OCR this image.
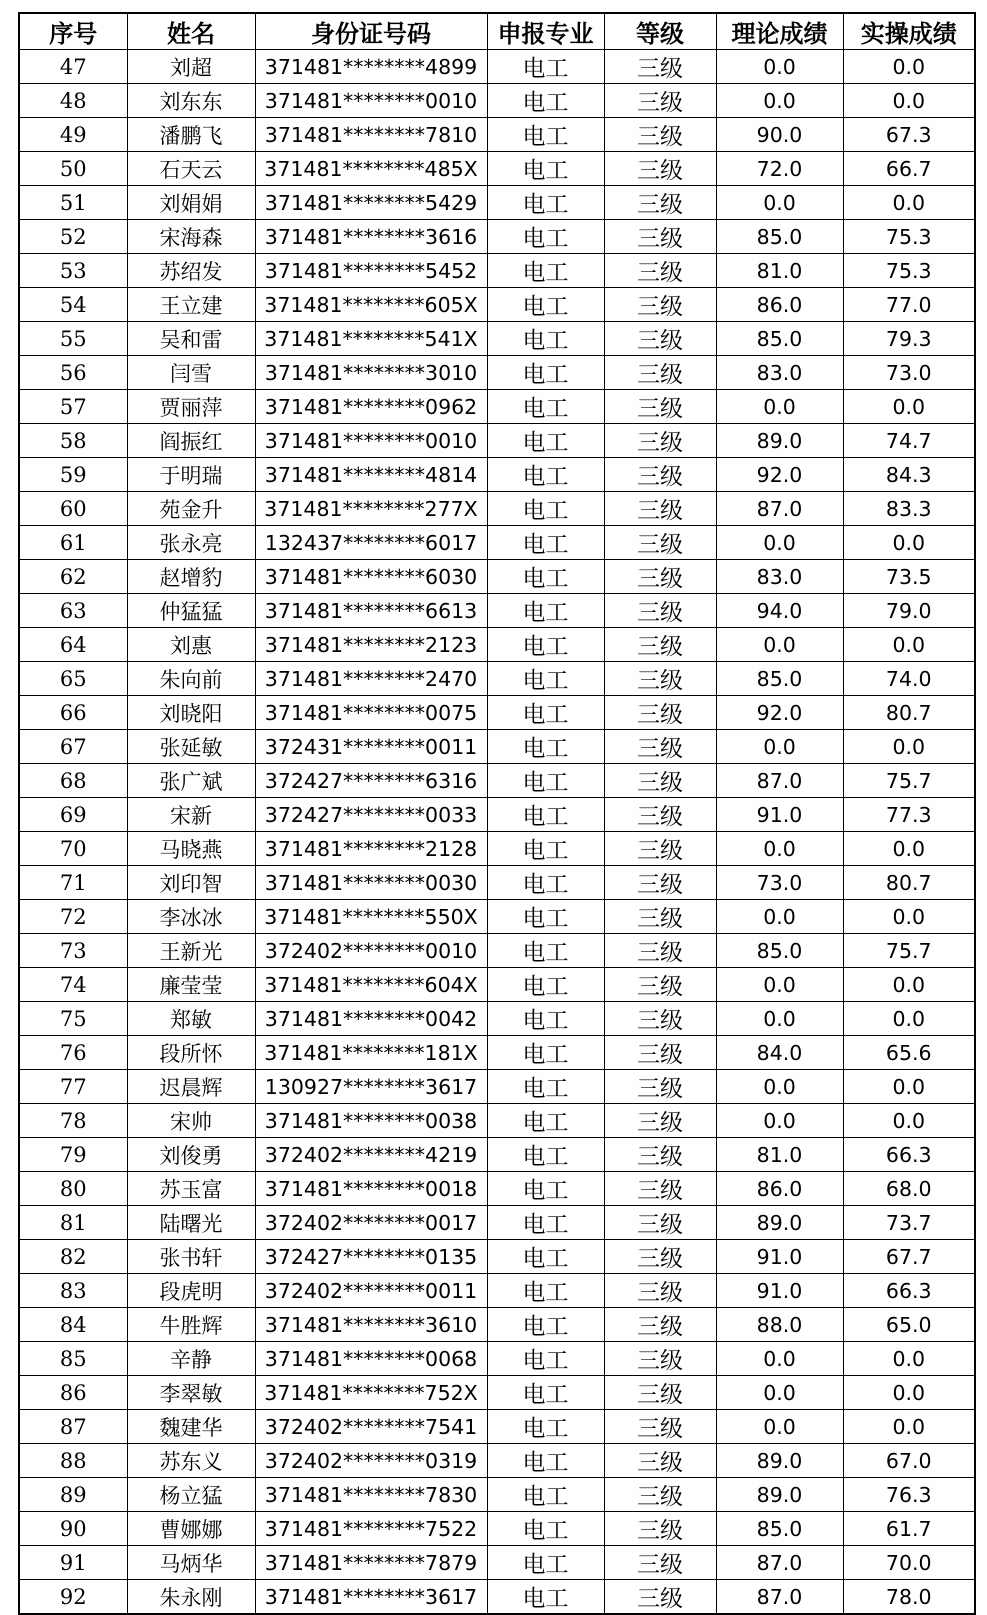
序号	姓名	身份证号码	申报专业	等级	理论成绩	实操成绩
47	刘超	371481********4899	电工	三级	0.0	0.0
48	刘东东	371481********0010	电工	三级	0.0	0.0
49	潘鹏飞	371481********7810	电工	三级	90.0	67.3
50	石天云	371481********485X	电工	三级	72.0	66.7
51	刘娟娟	371481********5429	电工	三级	0.0	0.0
52	宋海森	371481********3616	电工	三级	85.0	75.3
53	苏绍发	371481********5452	电工	三级	81.0	75.3
54	王立建	371481********605X	电工	三级	86.0	77.0
55	吴和雷	371481********541X	电工	三级	85.0	79.3
56	闫雪	371481********3010	电工	三级	83.0	73.0
57	贾丽萍	371481********0962	电工	三级	0.0	0.0
58	阎振红	371481********0010	电工	三级	89.0	74.7
59	于明瑞	371481********4814	电工	三级	92.0	84.3
60	苑金升	371481********277X	电工	三级	87.0	83.3
61	张永亮	132437********6017	电工	三级	0.0	0.0
62	赵增豹	371481********6030	电工	三级	83.0	73.5
63	仲猛猛	371481********6613	电工	三级	94.0	79.0
64	刘惠	371481********2123	电工	三级	0.0	0.0
65	朱向前	371481********2470	电工	三级	85.0	74.0
66	刘晓阳	371481********0075	电工	三级	92.0	80.7
67	张延敏	372431********0011	电工	三级	0.0	0.0
68	张广斌	372427********6316	电工	三级	87.0	75.7
69	宋新	372427********0033	电工	三级	91.0	77.3
70	马晓燕	371481********2128	电工	三级	0.0	0.0
71	刘印智	371481********0030	电工	三级	73.0	80.7
72	李冰冰	371481********550X	电工	三级	0.0	0.0
73	王新光	372402********0010	电工	三级	85.0	75.7
74	廉莹莹	371481********604X	电工	三级	0.0	0.0
75	郑敏	371481********0042	电工	三级	0.0	0.0
76	段所怀	371481********181X	电工	三级	84.0	65.6
77	迟晨辉	130927********3617	电工	三级	0.0	0.0
78	宋帅	371481********0038	电工	三级	0.0	0.0
79	刘俊勇	372402********4219	电工	三级	81.0	66.3
80	苏玉富	371481********0018	电工	三级	86.0	68.0
81	陆曙光	372402********0017	电工	三级	89.0	73.7
82	张书轩	372427********0135	电工	三级	91.0	67.7
83	段虎明	372402********0011	电工	三级	91.0	66.3
84	牛胜辉	371481********3610	电工	三级	88.0	65.0
85	辛静	371481********0068	电工	三级	0.0	0.0
86	李翠敏	371481********752X	电工	三级	0.0	0.0
87	魏建华	372402********7541	电工	三级	0.0	0.0
88	苏东义	372402********0319	电工	三级	89.0	67.0
89	杨立猛	371481********7830	电工	三级	89.0	76.3
90	曹娜娜	371481********7522	电工	三级	85.0	61.7
91	马炳华	371481********7879	电工	三级	87.0	70.0
92	朱永刚	371481********3617	电工	三级	87.0	78.0
